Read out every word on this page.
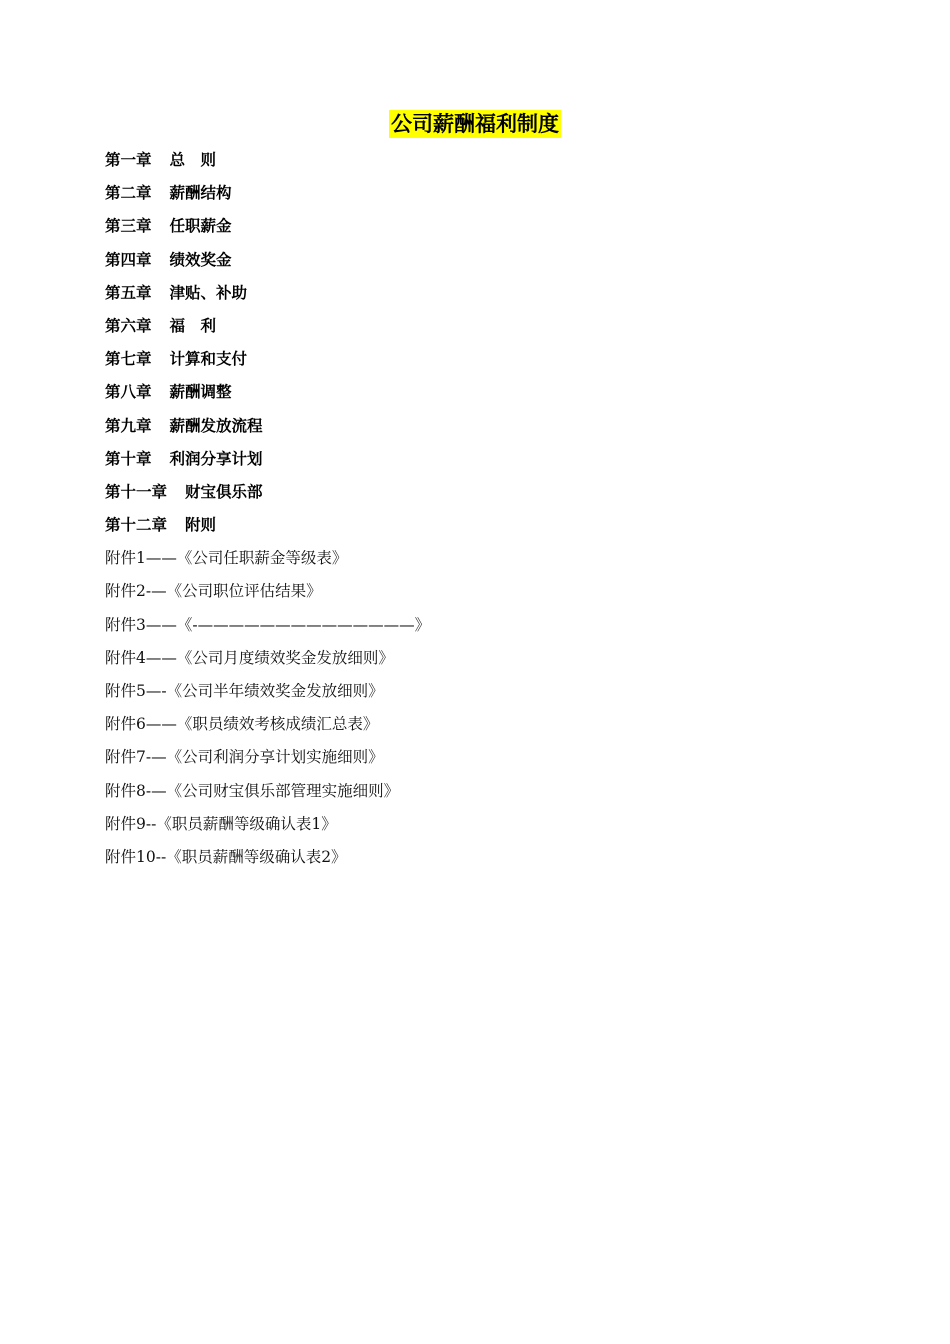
公司薪酬福利制度
第一章 总　则
第二章 薪酬结构
第三章 任职薪金
第四章 绩效奖金
第五章 津贴、补助
第六章 福　利
第七章 计算和支付
第八章 薪酬调整
第九章 薪酬发放流程
第十章 利润分享计划
第十一章 财宝俱乐部
第十二章 附则
附件1——《公司任职薪金等级表》
附件2-—《公司职位评估结果》
附件3——《-——————————————》
附件4——《公司月度绩效奖金发放细则》
附件5—-《公司半年绩效奖金发放细则》
附件6——《职员绩效考核成绩汇总表》
附件7-—《公司利润分享计划实施细则》
附件8-—《公司财宝俱乐部管理实施细则》
附件9--《职员薪酬等级确认表1》
附件10--《职员薪酬等级确认表2》
